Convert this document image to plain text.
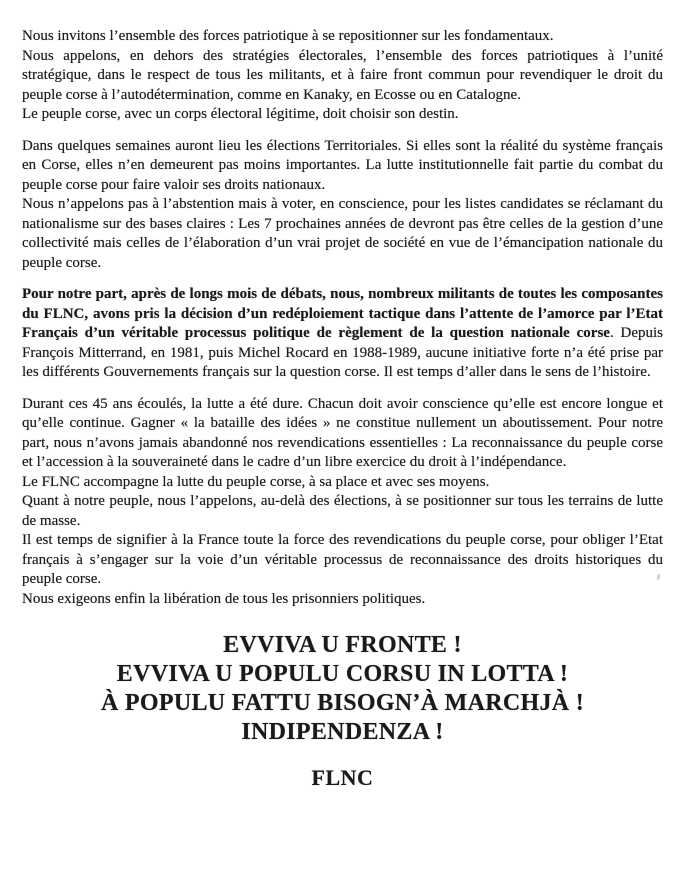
Nous invitons l’ensemble des forces patriotique à se repositionner sur les fondamentaux.

Nous appelons, en dehors des stratégies électorales, l’ensemble des forces patriotiques à l’unité stratégique, dans le respect de tous les militants, et à faire front commun pour revendiquer le droit du peuple corse à l’autodétermination, comme en Kanaky, en Ecosse ou en Catalogne.

Le peuple corse, avec un corps électoral légitime, doit choisir son destin.

Dans quelques semaines auront lieu les élections Territoriales. Si elles sont la réalité du système français en Corse, elles n’en demeurent pas moins importantes. La lutte institutionnelle fait partie du combat du peuple corse pour faire valoir ses droits nationaux.

Nous n’appelons pas à l’abstention mais à voter, en conscience, pour les listes candidates se réclamant du nationalisme sur des bases claires : Les 7 prochaines années de devront pas être celles de la gestion d’une collectivité mais celles de l’élaboration d’un vrai projet de société en vue de l’émancipation nationale du peuple corse.

Pour notre part, après de longs mois de débats, nous, nombreux militants de toutes les composantes du FLNC, avons pris la décision d’un redéploiement tactique dans l’attente de l’amorce par l’Etat Français d’un véritable processus politique de règlement de la question nationale corse. Depuis François Mitterrand, en 1981, puis Michel Rocard en 1988-1989, aucune initiative forte n’a été prise par les différents Gouvernements français sur la question corse. Il est temps d’aller dans le sens de l’histoire.

Durant ces 45 ans écoulés, la lutte a été dure. Chacun doit avoir conscience qu’elle est encore longue et qu’elle continue. Gagner « la bataille des idées » ne constitue nullement un aboutissement. Pour notre part, nous n’avons jamais abandonné nos revendications essentielles : La reconnaissance du peuple corse et l’accession à la souveraineté dans le cadre d’un libre exercice du droit à l’indépendance.

Le FLNC accompagne la lutte du peuple corse, à sa place et avec ses moyens.

Quant à notre peuple, nous l’appelons, au-delà des élections, à se positionner sur tous les terrains de lutte de masse.

Il est temps de signifier à la France toute la force des revendications du peuple corse, pour obliger l’Etat français à s’engager sur la voie d’un véritable processus de reconnaissance des droits historiques du peuple corse.

Nous exigeons enfin la libération de tous les prisonniers politiques.

EVVIVA U FRONTE !

EVVIVA U POPULU CORSU IN LOTTA !

À POPULU FATTU BISOGN’À MARCHJÀ !

INDIPENDENZA !

FLNC
